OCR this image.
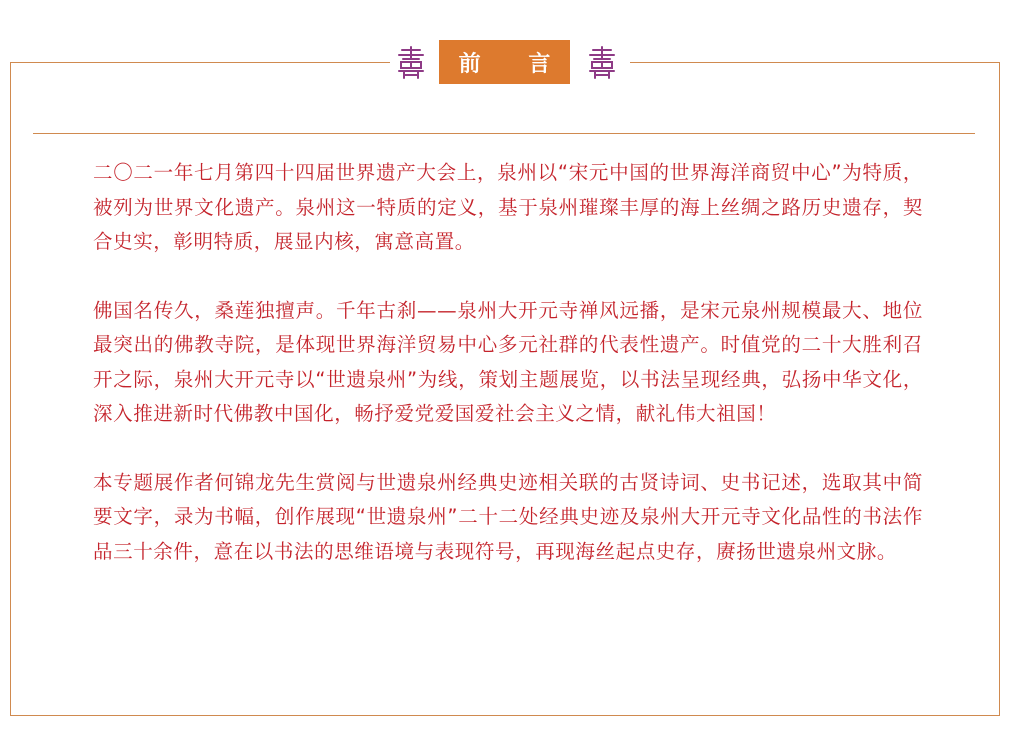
前 言

二〇二一年七月第四十四届世界遗产大会上，泉州以“宋元中国的世界海洋商贸中心”为特质，被列为世界文化遗产。泉州这一特质的定义，基于泉州璀璨丰厚的海上丝绸之路历史遗存，契合史实，彰明特质，展显内核，寓意高置。

佛国名传久，桑莲独擅声。千年古刹——泉州大开元寺禅风远播，是宋元泉州规模最大、地位最突出的佛教寺院，是体现世界海洋贸易中心多元社群的代表性遗产。时值党的二十大胜利召开之际，泉州大开元寺以“世遗泉州”为线，策划主题展览，以书法呈现经典，弘扬中华文化，深入推进新时代佛教中国化，畅抒爱党爱国爱社会主义之情，献礼伟大祖国！

本专题展作者何锦龙先生赏阅与世遗泉州经典史迹相关联的古贤诗词、史书记述，选取其中简要文字，录为书幅，创作展现“世遗泉州”二十二处经典史迹及泉州大开元寺文化品性的书法作品三十余件，意在以书法的思维语境与表现符号，再现海丝起点史存，赓扬世遗泉州文脉。
